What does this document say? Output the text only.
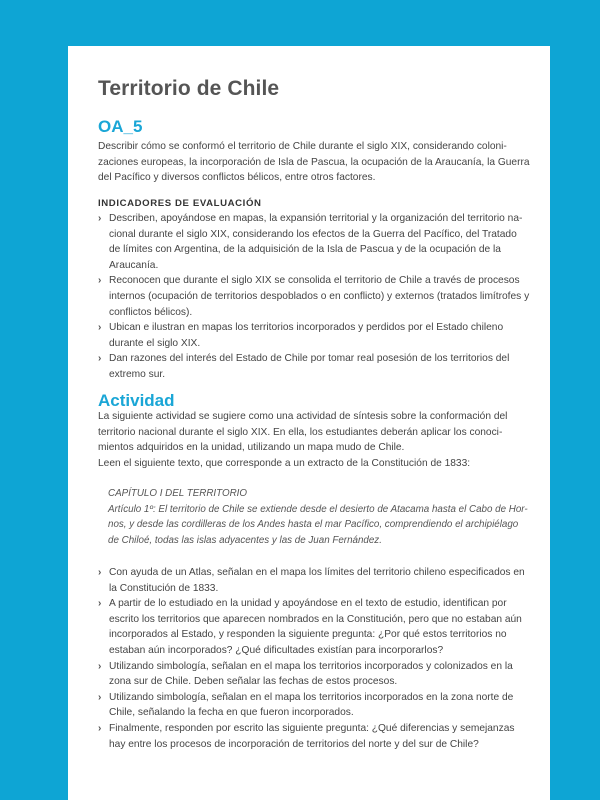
Territorio de Chile
OA_5

Describir cómo se conformó el territorio de Chile durante el siglo XIX, considerando coloni-zaciones europeas, la incorporación de Isla de Pascua, la ocupación de la Araucanía, la Guerra del Pacífico y diversos conflictos bélicos, entre otros factores.

INDICADORES DE EVALUACIÓN
› Describen, apoyándose en mapas, la expansión territorial y la organización del territorio na-cional durante el siglo XIX, considerando los efectos de la Guerra del Pacífico, del Tratado de límites con Argentina, de la adquisición de la Isla de Pascua y de la ocupación de la Araucanía.
› Reconocen que durante el siglo XIX se consolida el territorio de Chile a través de procesos internos (ocupación de territorios despoblados o en conflicto) y externos (tratados limítrofes y conflictos bélicos).
› Ubican e ilustran en mapas los territorios incorporados y perdidos por el Estado chileno durante el siglo XIX.
› Dan razones del interés del Estado de Chile por tomar real posesión de los territorios del extremo sur.
Actividad

La siguiente actividad se sugiere como una actividad de síntesis sobre la conformación del territorio nacional durante el siglo XIX. En ella, los estudiantes deberán aplicar los conoci-mientos adquiridos en la unidad, utilizando un mapa mudo de Chile.

Leen el siguiente texto, que corresponde a un extracto de la Constitución de 1833:

CAPÍTULO I DEL TERRITORIO
Artículo 1º: El territorio de Chile se extiende desde el desierto de Atacama hasta el Cabo de Hor-nos, y desde las cordilleras de los Andes hasta el mar Pacífico, comprendiendo el archipiélago de Chiloé, todas las islas adyacentes y las de Juan Fernández.
› Con ayuda de un Atlas, señalan en el mapa los límites del territorio chileno especificados en la Constitución de 1833.
› A partir de lo estudiado en la unidad y apoyándose en el texto de estudio, identifican por escrito los territorios que aparecen nombrados en la Constitución, pero que no estaban aún incorporados al Estado, y responden la siguiente pregunta: ¿Por qué estos territorios no estaban aún incorporados? ¿Qué dificultades existían para incorporarlos?
› Utilizando simbología, señalan en el mapa los territorios incorporados y colonizados en la zona sur de Chile. Deben señalar las fechas de estos procesos.
› Utilizando simbología, señalan en el mapa los territorios incorporados en la zona norte de Chile, señalando la fecha en que fueron incorporados.
› Finalmente, responden por escrito las siguiente pregunta: ¿Qué diferencias y semejanzas hay entre los procesos de incorporación de territorios del norte y del sur de Chile?
